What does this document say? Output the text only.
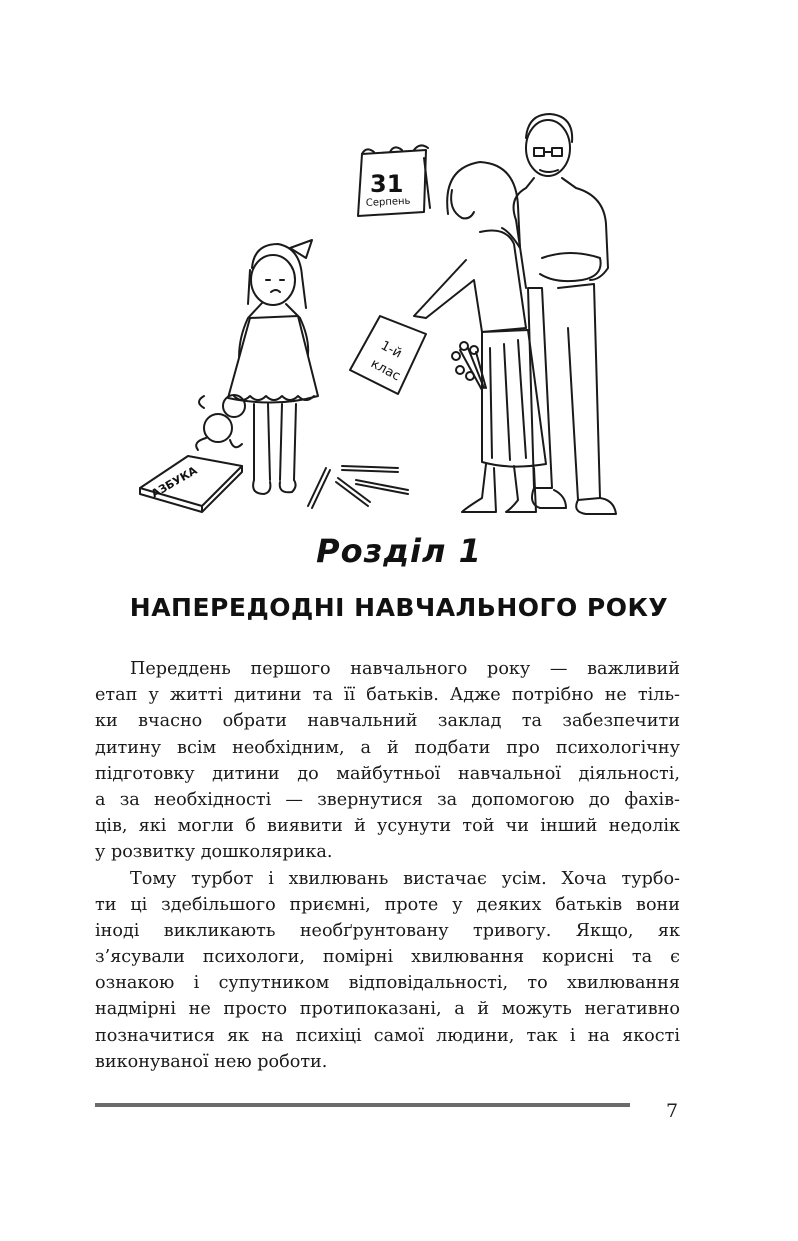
31
Серпень
АЗБУКА
1-й
клас
Розділ 1
НАПЕРЕДОДНІ НАВЧАЛЬНОГО РОКУ
Переддень першого навчального року — важливий
етап у житті дитини та її батьків. Адже потрібно не тіль-
ки вчасно обрати навчальний заклад та забезпечити
дитину всім необхідним, а й подбати про психологічну
підготовку дитини до майбутньої навчальної діяльності,
а за необхідності — звернутися за допомогою до фахів-
ців, які могли б виявити й усунути той чи інший недолік
у розвитку дошколярика.
Тому турбот і хвилювань вистачає усім. Хоча турбо-
ти ці здебільшого приємні, проте у деяких батьків вони
іноді викликають необґрунтовану тривогу. Якщо, як
з’ясували психологи, помірні хвилювання корисні та є
ознакою і супутником відповідальності, то хвилювання
надмірні не просто протипоказані, а й можуть негативно
позначитися як на психіці самої людини, так і на якості
виконуваної нею роботи.
7
